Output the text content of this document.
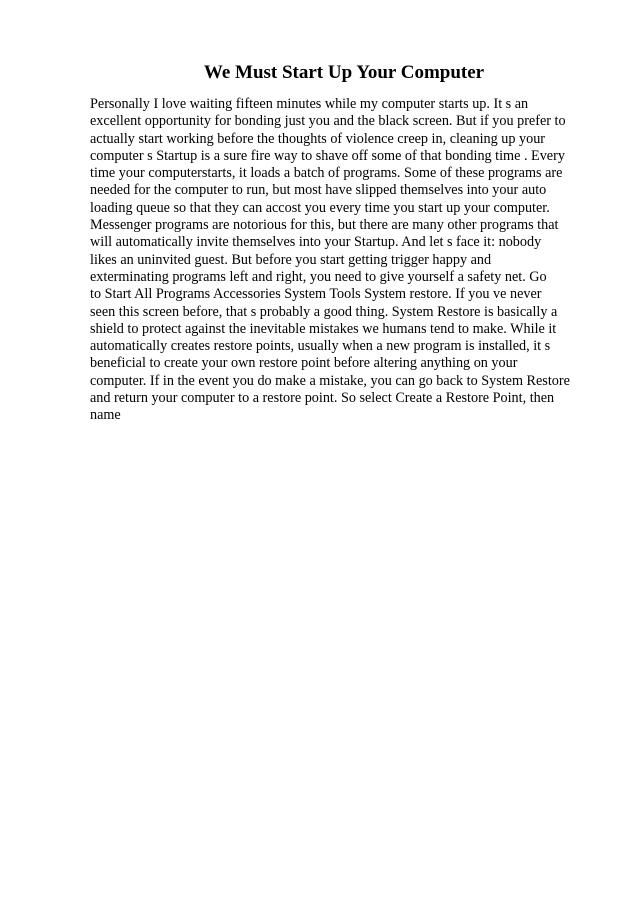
We Must Start Up Your Computer
Personally I love waiting fifteen minutes while my computer starts up. It s an
excellent opportunity for bonding just you and the black screen. But if you prefer to
actually start working before the thoughts of violence creep in, cleaning up your
computer s Startup is a sure fire way to shave off some of that bonding time . Every
time your computerstarts, it loads a batch of programs. Some of these programs are
needed for the computer to run, but most have slipped themselves into your auto
loading queue so that they can accost you every time you start up your computer.
Messenger programs are notorious for this, but there are many other programs that
will automatically invite themselves into your Startup. And let s face it: nobody
likes an uninvited guest. But before you start getting trigger happy and
exterminating programs left and right, you need to give yourself a safety net. Go
to Start All Programs Accessories System Tools System restore. If you ve never
seen this screen before, that s probably a good thing. System Restore is basically a
shield to protect against the inevitable mistakes we humans tend to make. While it
automatically creates restore points, usually when a new program is installed, it s
beneficial to create your own restore point before altering anything on your
computer. If in the event you do make a mistake, you can go back to System Restore
and return your computer to a restore point. So select Create a Restore Point, then
name
